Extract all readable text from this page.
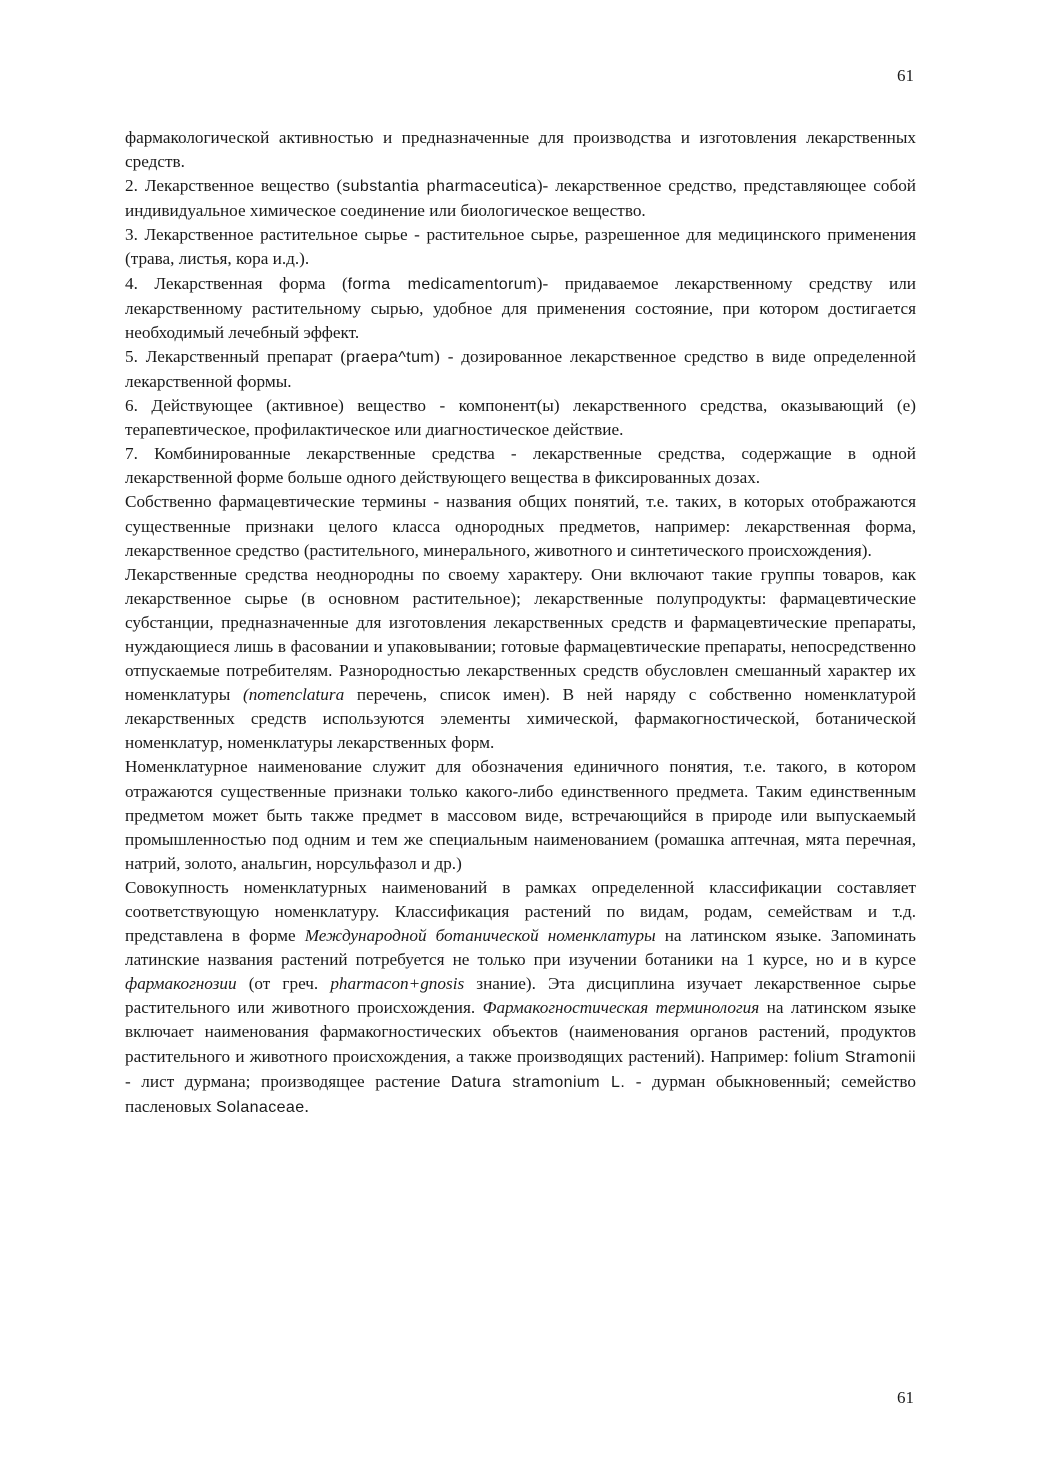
61

фармакологической активностью и предназначенные для производства и изготовления лекарственных средств.

2. Лекарственное вещество (substantia pharmaceutica)- лекарственное средство, представляющее собой индивидуальное химическое соединение или биологическое вещество.

3. Лекарственное растительное сырье - растительное сырье, разрешенное для медицинского применения (трава, листья, кора и.д.).

4. Лекарственная форма (forma medicamentorum)- придаваемое лекарственному средству или лекарственному растительному сырью, удобное для применения состояние, при котором достигается необходимый лечебный эффект.

5. Лекарственный препарат (praepa^tum) - дозированное лекарственное средство в виде определенной лекарственной формы.

6. Действующее (активное) вещество - компонент(ы) лекарственного средства, оказывающий (е) терапевтическое, профилактическое или диагностическое действие.

7. Комбинированные лекарственные средства - лекарственные средства, содержащие в одной лекарственной форме больше одного действующего вещества в фиксированных дозах.

Собственно фармацевтические термины - названия общих понятий, т.е. таких, в которых отображаются существенные признаки целого класса однородных предметов, например: лекарственная форма, лекарственное средство (растительного, минерального, животного и синтетического происхождения).

Лекарственные средства неоднородны по своему характеру. Они включают такие группы товаров, как лекарственное сырье (в основном растительное); лекарственные полупродукты: фармацевтические субстанции, предназначенные для изготовления лекарственных средств и фармацевтические препараты, нуждающиеся лишь в фасовании и упаковывании; готовые фармацевтические препараты, непосредственно отпускаемые потребителям. Разнородностью лекарственных средств обусловлен смешанный характер их номенклатуры (nomenclatura перечень, список имен). В ней наряду с собственно номенклатурой лекарственных средств используются элементы химической, фармакогностической, ботанической номенклатур, номенклатуры лекарственных форм.

Номенклатурное наименование служит для обозначения единичного понятия, т.е. такого, в котором отражаются существенные признаки только какого-либо единственного предмета. Таким единственным предметом может быть также предмет в массовом виде, встречающийся в природе или выпускаемый промышленностью под одним и тем же специальным наименованием (ромашка аптечная, мята перечная, натрий, золото, анальгин, норсульфазол и др.)

Совокупность номенклатурных наименований в рамках определенной классификации составляет соответствующую номенклатуру. Классификация растений по видам, родам, семействам и т.д. представлена в форме Международной ботанической номенклатуры на латинском языке. Запоминать латинские названия растений потребуется не только при изучении ботаники на 1 курсе, но и в курсе фармакогнозии (от греч. pharmacon+gnosis знание). Эта дисциплина изучает лекарственное сырье растительного или животного происхождения. Фармакогностическая терминология на латинском языке включает наименования фармакогностических объектов (наименования органов растений, продуктов растительного и животного происхождения, а также производящих растений). Например: folium Stramonii - лист дурмана; производящее растение Datura stramonium L. - дурман обыкновенный; семейство пасленовых Solanaceae.

61
